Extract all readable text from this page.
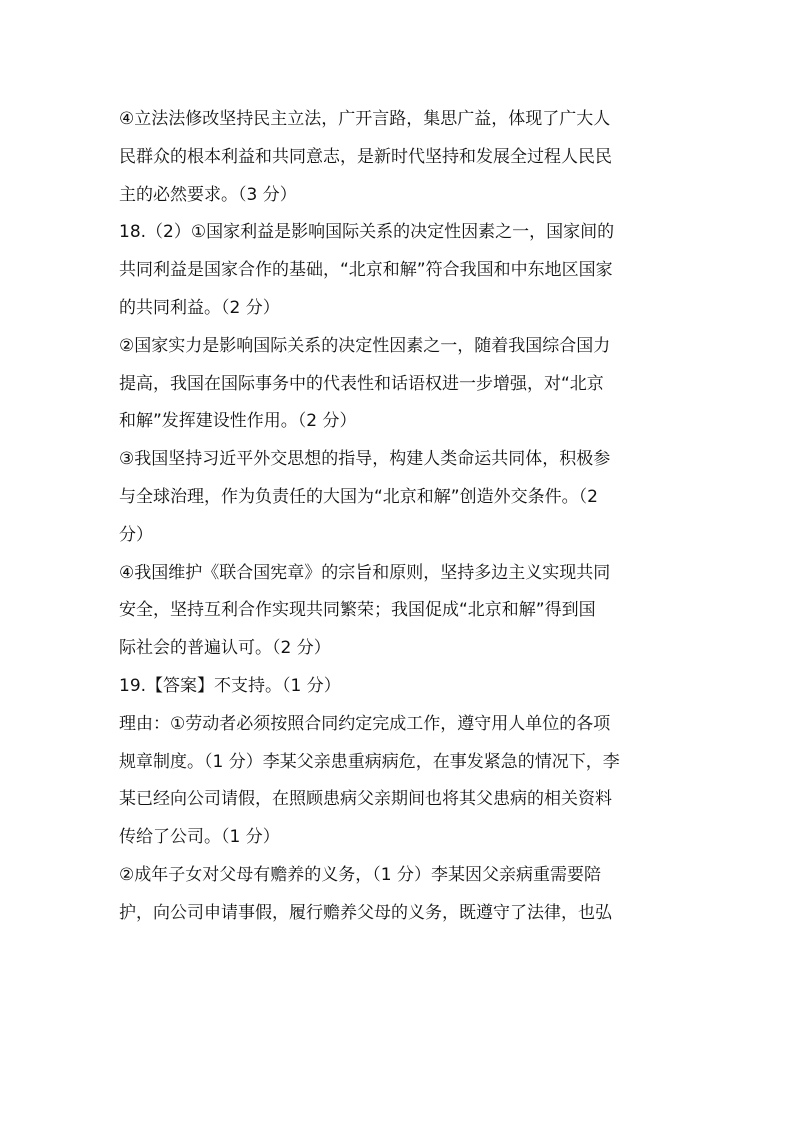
④立法法修改坚持民主立法，广开言路，集思广益，体现了广大人
民群众的根本利益和共同意志，是新时代坚持和发展全过程人民民
主的必然要求。（3 分）

18.（2）①国家利益是影响国际关系的决定性因素之一，国家间的
共同利益是国家合作的基础，“北京和解”符合我国和中东地区国家
的共同利益。（2 分）

②国家实力是影响国际关系的决定性因素之一，随着我国综合国力
提高，我国在国际事务中的代表性和话语权进一步增强，对“北京
和解”发挥建设性作用。（2 分）

③我国坚持习近平外交思想的指导，构建人类命运共同体，积极参
与全球治理，作为负责任的大国为“北京和解”创造外交条件。（2
分）

④我国维护《联合国宪章》的宗旨和原则，坚持多边主义实现共同
安全，坚持互利合作实现共同繁荣；我国促成“北京和解”得到国
际社会的普遍认可。（2 分）

19.【答案】不支持。（1 分）

理由：①劳动者必须按照合同约定完成工作，遵守用人单位的各项
规章制度。（1 分）李某父亲患重病病危，在事发紧急的情况下，李
某已经向公司请假，在照顾患病父亲期间也将其父患病的相关资料
传给了公司。（1 分）

②成年子女对父母有赡养的义务，（1 分）李某因父亲病重需要陪
护，向公司申请事假，履行赡养父母的义务，既遵守了法律，也弘
